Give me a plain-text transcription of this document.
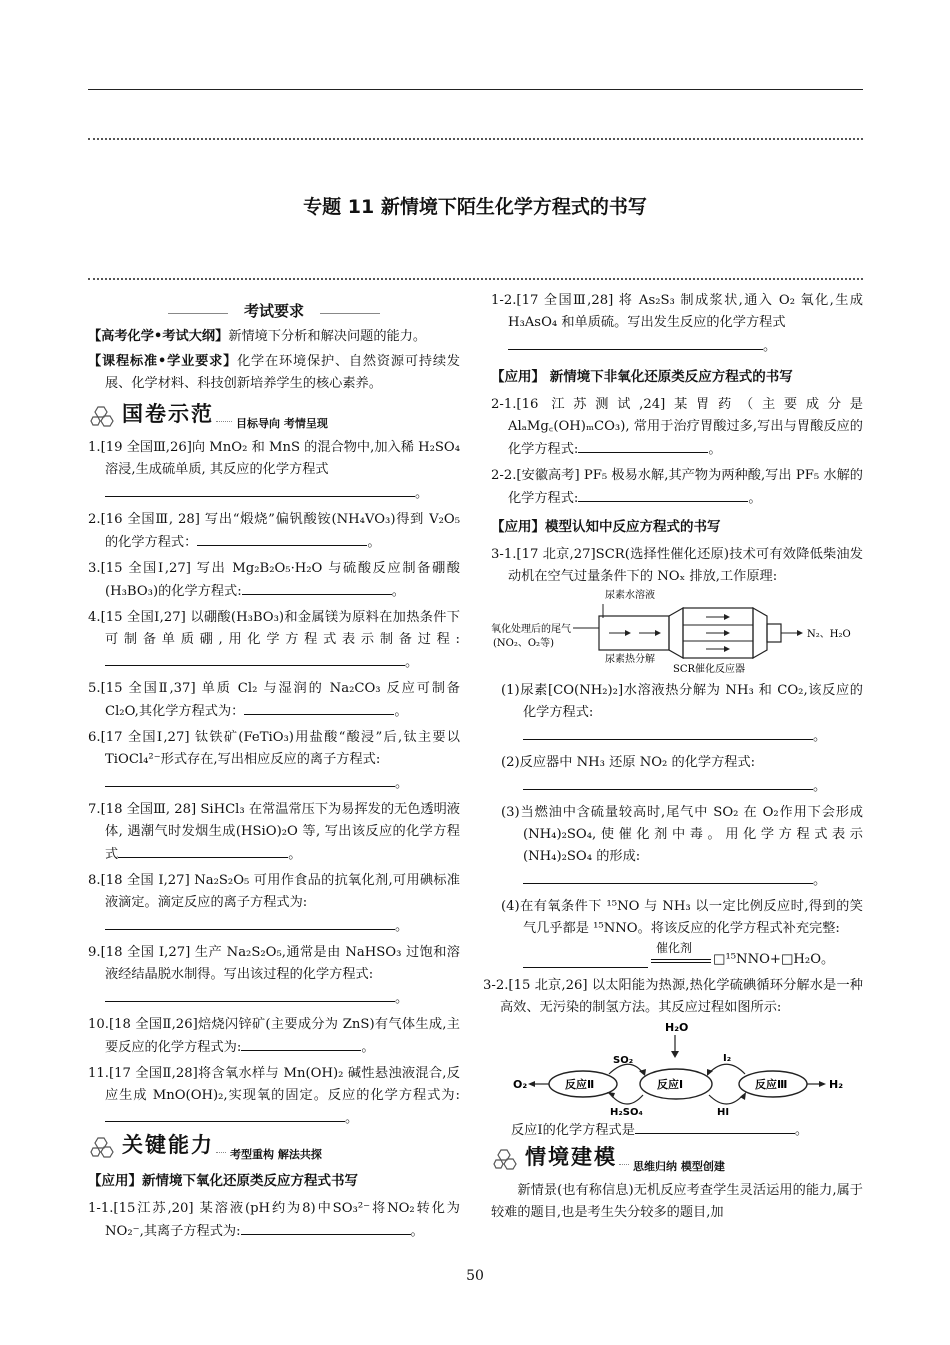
专题 11 新情境下陌生化学方程式的书写
考试要求

【高考化学•考试大纲】新情境下分析和解决问题的能力。

【课程标准•学业要求】化学在环境保护、自然资源可持续发展、化学材料、科技创新培养学生的核心素养。

国卷示范 目标导向 考情呈现

1.[19 全国Ⅲ,26]向 MnO₂ 和 MnS 的混合物中,加入稀 H₂SO₄ 溶浸,生成硫单质, 其反应的化学方程式

。

2.[16 全国Ⅲ, 28] 写出“煅烧”偏钒酸铵(NH₄VO₃)得到 V₂O₅ 的化学方程式：	。

3.[15 全国Ⅰ,27] 写出 Mg₂B₂O₅·H₂O 与硫酸反应制备硼酸(H₃BO₃)的化学方程式:	。

4.[15 全国Ⅰ,27] 以硼酸(H₃BO₃)和金属镁为原料在加热条件下可制备单质硼,用化学方程式表示制备过程:。

5.[15 全国Ⅱ,37] 单质 Cl₂ 与湿润的 Na₂CO₃ 反应可制备 Cl₂O,其化学方程式为：	。

6.[17 全国Ⅰ,27] 钛铁矿(FeTiO₃)用盐酸“酸浸”后,钛主要以 TiOCl₄²⁻形式存在,写出相应反应的离子方程式:

。

7.[18 全国Ⅲ, 28] SiHCl₃ 在常温常压下为易挥发的无色透明液体, 遇潮气时发烟生成(HSiO)₂O 等, 写出该反应的化学方程式	。

8.[18 全国 I,27] Na₂S₂O₅ 可用作食品的抗氧化剂,可用碘标准液滴定。滴定反应的离子方程式为:

。

9.[18 全国 I,27] 生产 Na₂S₂O₅,通常是由 NaHSO₃ 过饱和溶液经结晶脱水制得。写出该过程的化学方程式:

。

10.[18 全国Ⅱ,26]焙烧闪锌矿(主要成分为 ZnS)有气体生成,主要反应的化学方程式为:	。

11.[17 全国Ⅱ,28]将含氧水样与 Mn(OH)₂ 碱性悬浊液混合,反应生成 MnO(OH)₂,实现氧的固定。反应的化学方程式为:。

关键能力 考型重构 解法共探

【应用】新情境下氧化还原类反应方程式书写

1-1.[15江苏,20] 某溶液(pH约为8)中SO₃²⁻将NO₂转化为 NO₂⁻,其离子方程式为:	。

1-2.[17 全国Ⅲ,28] 将 As₂S₃ 制成浆状,通入 O₂ 氧化,生成 H₃AsO₄ 和单质硫。写出发生反应的化学方程式

。

【应用】 新情境下非氧化还原类反应方程式的书写

2-1.[16 江苏测试,24]某胃药（主要成分是 AlₐMg꜀(OH)ₘCO₃), 常用于治疗胃酸过多,写出与胃酸反应的化学方程式:	。

2-2.[安徽高考] PF₅ 极易水解,其产物为两种酸,写出 PF₅ 水解的化学方程式:	。

【应用】模型认知中反应方程式的书写

3-1.[17 北京,27]SCR(选择性催化还原)技术可有效降低柴油发动机在空气过量条件下的 NOₓ 排放,工作原理:

尿素水溶液
氧化处理后的尾气
(NO₂、O₂等)
N₂、H₂O
尿素热分解
SCR催化反应器

(1)尿素[CO(NH₂)₂]水溶液热分解为 NH₃ 和 CO₂,该反应的化学方程式:

。

(2)反应器中 NH₃ 还原 NO₂ 的化学方程式:

。

(3)当燃油中含硫量较高时,尾气中 SO₂ 在 O₂作用下会形成(NH₄)₂SO₄,使催化剂中毒。用化学方程式表示(NH₄)₂SO₄ 的形成:

。

(4)在有氧条件下 ¹⁵NO 与 NH₃ 以一定比例反应时,得到的笑气几乎都是 ¹⁵NNO。将该反应的化学方程式补充完整:

催化剂
□¹⁵NNO+□H₂O。

3-2.[15 北京,26] 以太阳能为热源,热化学硫碘循环分解水是一种高效、无污染的制氢方法。其反应过程如图所示:

H₂O
反应Ⅱ	反应Ⅰ	反应Ⅲ
SO₂
H₂SO₄
I₂
HI
O₂	H₂

反应Ⅰ的化学方程式是	。

情境建模 思维归纳 模型创建

新情景(也有称信息)无机反应考查学生灵活运用的能力,属于较难的题目,也是考生失分较多的题目,加

50
